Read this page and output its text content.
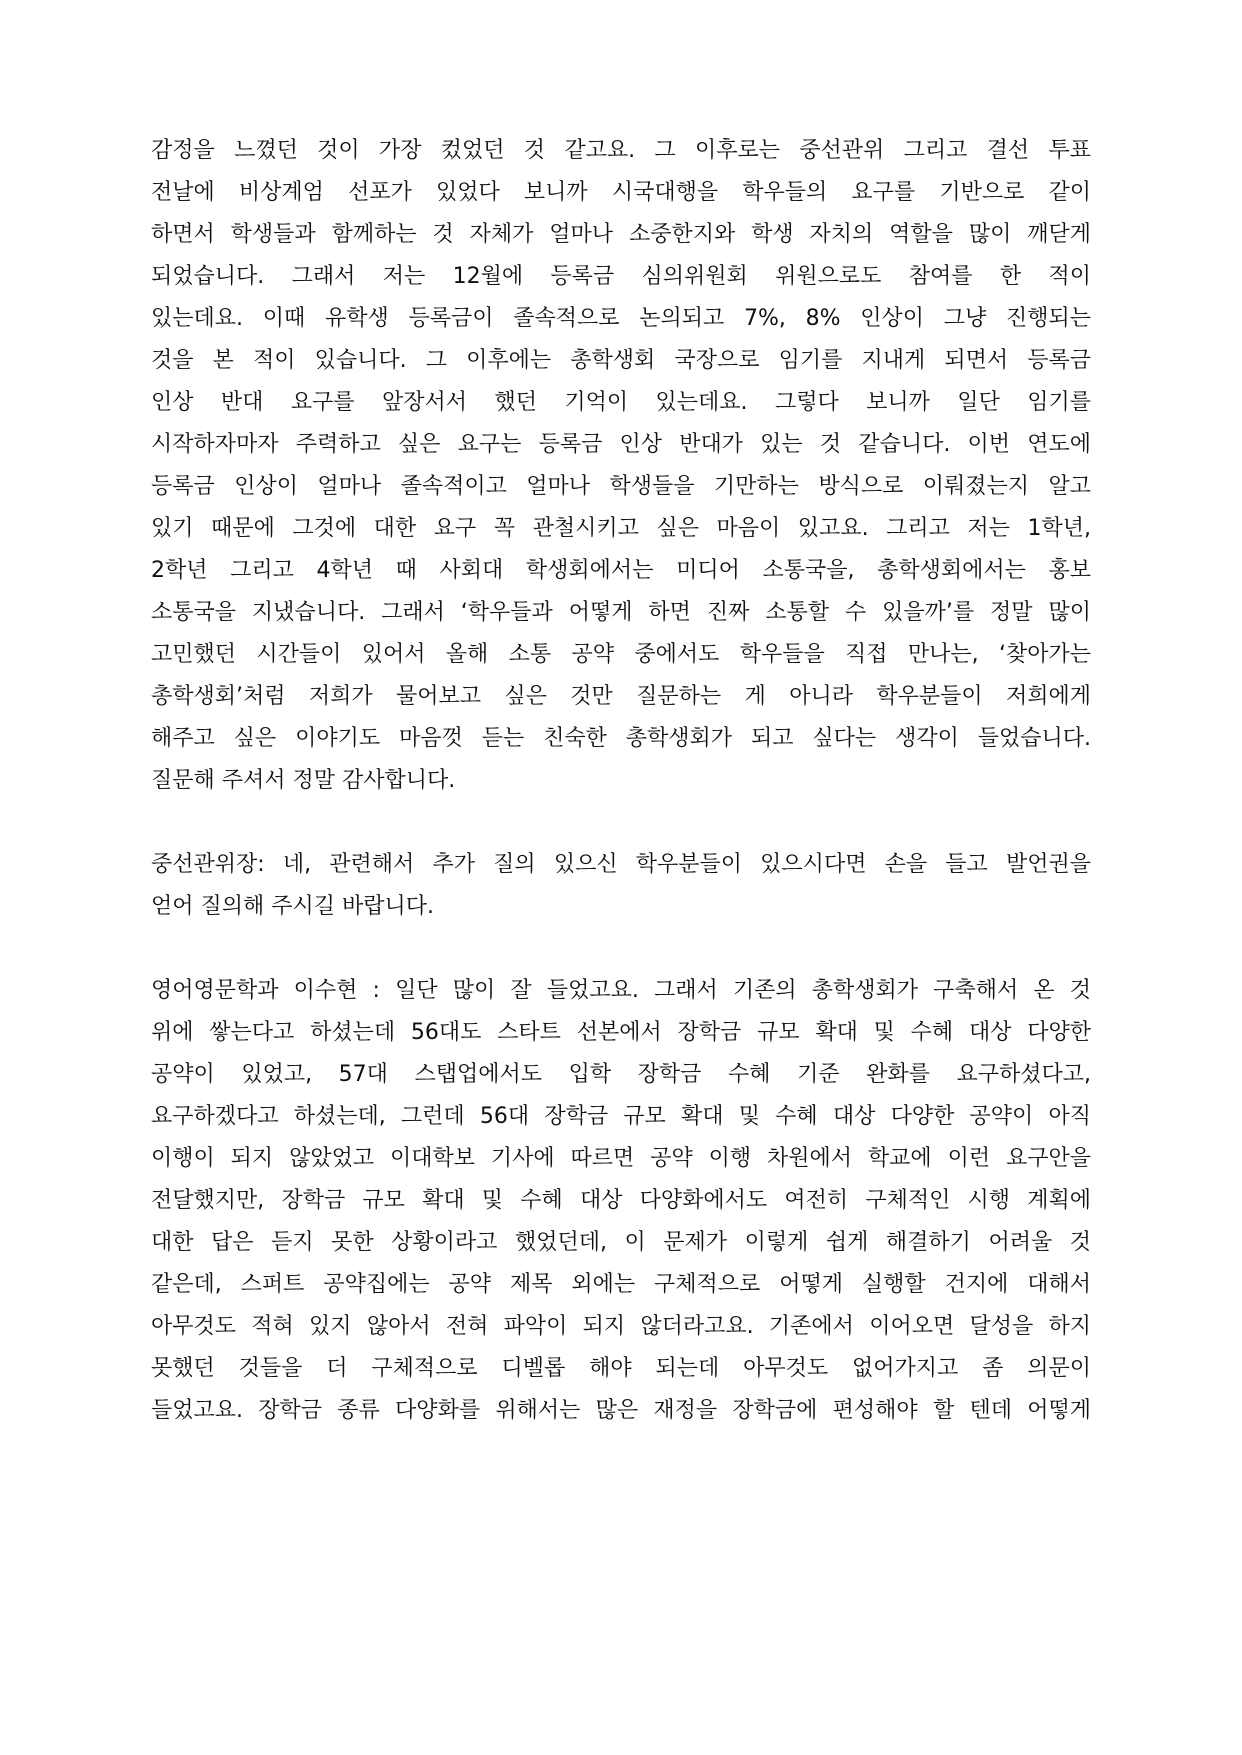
감정을 느꼈던 것이 가장 컸었던 것 같고요. 그 이후로는 중선관위 그리고 결선 투표
전날에 비상계엄 선포가 있었다 보니까 시국대행을 학우들의 요구를 기반으로 같이
하면서 학생들과 함께하는 것 자체가 얼마나 소중한지와 학생 자치의 역할을 많이 깨닫게
되었습니다. 그래서 저는 12월에 등록금 심의위원회 위원으로도 참여를 한 적이
있는데요. 이때 유학생 등록금이 졸속적으로 논의되고 7%, 8% 인상이 그냥 진행되는
것을 본 적이 있습니다. 그 이후에는 총학생회 국장으로 임기를 지내게 되면서 등록금
인상 반대 요구를 앞장서서 했던 기억이 있는데요. 그렇다 보니까 일단 임기를
시작하자마자 주력하고 싶은 요구는 등록금 인상 반대가 있는 것 같습니다. 이번 연도에
등록금 인상이 얼마나 졸속적이고 얼마나 학생들을 기만하는 방식으로 이뤄졌는지 알고
있기 때문에 그것에 대한 요구 꼭 관철시키고 싶은 마음이 있고요. 그리고 저는 1학년,
2학년 그리고 4학년 때 사회대 학생회에서는 미디어 소통국을, 총학생회에서는 홍보
소통국을 지냈습니다. 그래서 ‘학우들과 어떻게 하면 진짜 소통할 수 있을까’를 정말 많이
고민했던 시간들이 있어서 올해 소통 공약 중에서도 학우들을 직접 만나는, ‘찾아가는
총학생회’처럼 저희가 물어보고 싶은 것만 질문하는 게 아니라 학우분들이 저희에게
해주고 싶은 이야기도 마음껏 듣는 친숙한 총학생회가 되고 싶다는 생각이 들었습니다.
질문해 주셔서 정말 감사합니다.
중선관위장: 네, 관련해서 추가 질의 있으신 학우분들이 있으시다면 손을 들고 발언권을
얻어 질의해 주시길 바랍니다.
영어영문학과 이수현 : 일단 많이 잘 들었고요. 그래서 기존의 총학생회가 구축해서 온 것
위에 쌓는다고 하셨는데 56대도 스타트 선본에서 장학금 규모 확대 및 수혜 대상 다양한
공약이 있었고, 57대 스탭업에서도 입학 장학금 수혜 기준 완화를 요구하셨다고,
요구하겠다고 하셨는데, 그런데 56대 장학금 규모 확대 및 수혜 대상 다양한 공약이 아직
이행이 되지 않았었고 이대학보 기사에 따르면 공약 이행 차원에서 학교에 이런 요구안을
전달했지만, 장학금 규모 확대 및 수혜 대상 다양화에서도 여전히 구체적인 시행 계획에
대한 답은 듣지 못한 상황이라고 했었던데, 이 문제가 이렇게 쉽게 해결하기 어려울 것
같은데, 스퍼트 공약집에는 공약 제목 외에는 구체적으로 어떻게 실행할 건지에 대해서
아무것도 적혀 있지 않아서 전혀 파악이 되지 않더라고요. 기존에서 이어오면 달성을 하지
못했던 것들을 더 구체적으로 디벨롭 해야 되는데 아무것도 없어가지고 좀 의문이
들었고요. 장학금 종류 다양화를 위해서는 많은 재정을 장학금에 편성해야 할 텐데 어떻게
